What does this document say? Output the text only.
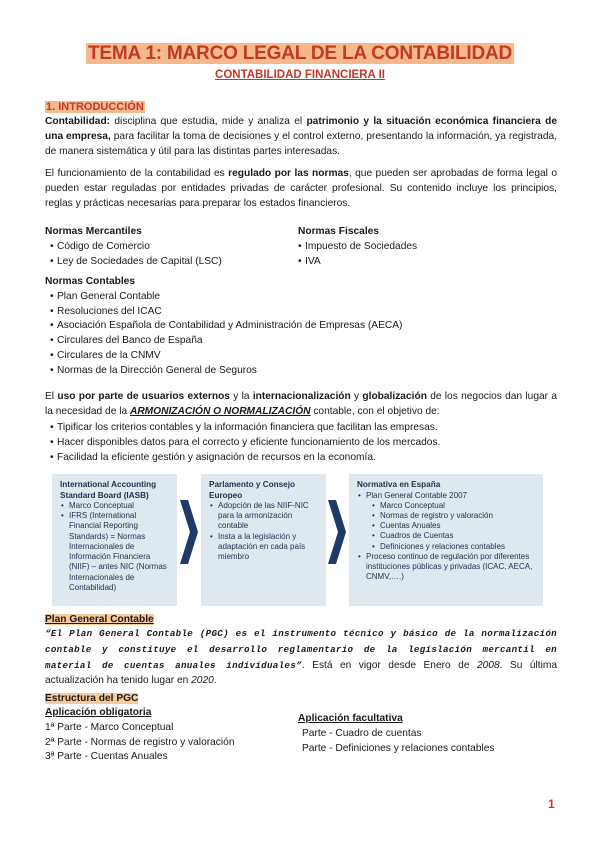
TEMA 1: MARCO LEGAL DE LA CONTABILIDAD
CONTABILIDAD FINANCIERA II
1. INTRODUCCIÓN
Contabilidad: disciplina que estudia, mide y analiza el patrimonio y la situación económica financiera de una empresa, para facilitar la toma de decisiones y el control externo, presentando la información, ya registrada, de manera sistemática y útil para las distintas partes interesadas.
El funcionamiento de la contabilidad es regulado por las normas, que pueden ser aprobadas de forma legal o pueden estar reguladas por entidades privadas de carácter profesional. Su contenido incluye los principios, reglas y prácticas necesarias para preparar los estados financieros.
Normas Mercantiles
• Código de Comercio
• Ley de Sociedades de Capital (LSC)
Normas Fiscales
• Impuesto de Sociedades
• IVA
Normas Contables
• Plan General Contable
• Resoluciones del ICAC
• Asociación Española de Contabilidad y Administración de Empresas (AECA)
• Circulares del Banco de España
• Circulares de la CNMV
• Normas de la Dirección General de Seguros
El uso por parte de usuarios externos y la internacionalización y globalización de los negocios dan lugar a la necesidad de la ARMONIZACIÓN O NORMALIZACIÓN contable, con el objetivo de:
• Tipificar los criterios contables y la información financiera que facilitan las empresas.
• Hacer disponibles datos para el correcto y eficiente funcionamiento de los mercados.
• Facilidad la eficiente gestión y asignación de recursos en la economía.
International Accounting Standard Board (IASB)
• Marco Conceptual
• IFRS (International Financial Reporting Standards) = Normas Internacionales de Información Financiera (NIIF) – antes NIC (Normas Internacionales de Contabilidad)
Parlamento y Consejo Europeo
• Adopción de las NIIF-NIC para la armonización contable
• Insta a la legislación y adaptación en cada país miembro
Normativa en España
• Plan General Contable 2007
• Marco Conceptual
• Normas de registro y valoración
• Cuentas Anuales
• Cuadros de Cuentas
• Definiciones y relaciones contables
• Proceso continuo de regulación por diferentes instituciones públicas y privadas (ICAC, AECA, CNMV,….)
Plan General Contable
“El Plan General Contable (PGC) es el instrumento técnico y básico de la normalización contable y constituye el desarrollo reglamentario de la legislación mercantil en material de cuentas anuales individuales”. Está en vigor desde Enero de 2008. Su última actualización ha tenido lugar en 2020.
Estructura del PGC
Aplicación obligatoria
1ª Parte - Marco Conceptual
2ª Parte - Normas de registro y valoración
3ª Parte - Cuentas Anuales
Aplicación facultativa
Parte - Cuadro de cuentas
Parte - Definiciones y relaciones contables
1
